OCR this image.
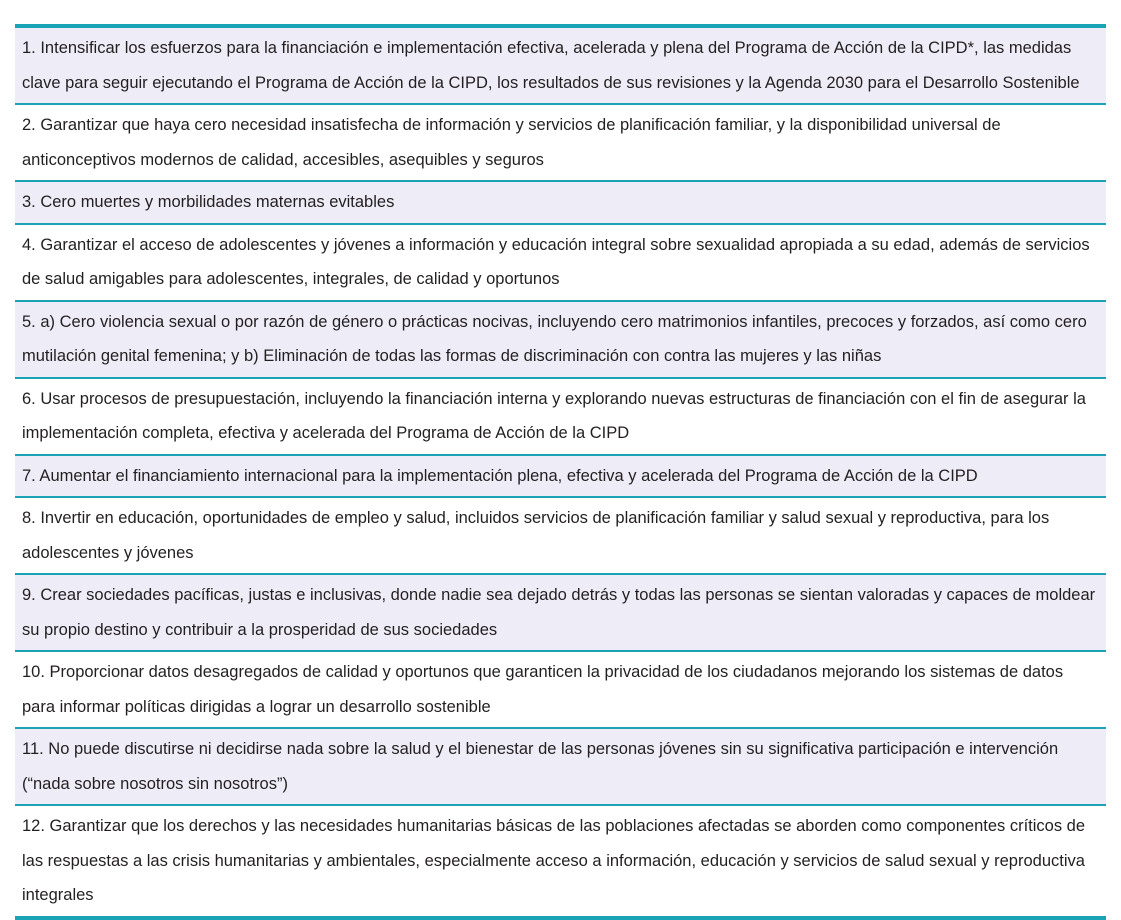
1. Intensificar los esfuerzos para la financiación e implementación efectiva, acelerada y plena del Programa de Acción de la CIPD*, las medidas clave para seguir ejecutando el Programa de Acción de la CIPD, los resultados de sus revisiones y la Agenda 2030 para el Desarrollo Sostenible
2. Garantizar que haya cero necesidad insatisfecha de información y servicios de planificación familiar, y la disponibilidad universal de anticonceptivos modernos de calidad, accesibles, asequibles y seguros
3. Cero muertes y morbilidades maternas evitables
4. Garantizar el acceso de adolescentes y jóvenes a información y educación integral sobre sexualidad apropiada a su edad, además de servicios de salud amigables para adolescentes, integrales, de calidad y oportunos
5. a) Cero violencia sexual o por razón de género o prácticas nocivas, incluyendo cero matrimonios infantiles, precoces y forzados, así como cero mutilación genital femenina; y b) Eliminación de todas las formas de discriminación con contra las mujeres y las niñas
6. Usar procesos de presupuestación, incluyendo la financiación interna y explorando nuevas estructuras de financiación con el fin de asegurar la implementación completa, efectiva y acelerada del Programa de Acción de la CIPD
7. Aumentar el financiamiento internacional para la implementación plena, efectiva y acelerada del Programa de Acción de la CIPD
8. Invertir en educación, oportunidades de empleo y salud, incluidos servicios de planificación familiar y salud sexual y reproductiva, para los adolescentes y jóvenes
9. Crear sociedades pacíficas, justas e inclusivas, donde nadie sea dejado detrás y todas las personas se sientan valoradas y capaces de moldear su propio destino y contribuir a la prosperidad de sus sociedades
10. Proporcionar datos desagregados de calidad y oportunos que garanticen la privacidad de los ciudadanos mejorando los sistemas de datos para informar políticas dirigidas a lograr un desarrollo sostenible
11. No puede discutirse ni decidirse nada sobre la salud y el bienestar de las personas jóvenes sin su significativa participación e intervención (“nada sobre nosotros sin nosotros”)
12. Garantizar que los derechos y las necesidades humanitarias básicas de las poblaciones afectadas se aborden como componentes críticos de las respuestas a las crisis humanitarias y ambientales, especialmente acceso a información, educación y servicios de salud sexual y reproductiva integrales
